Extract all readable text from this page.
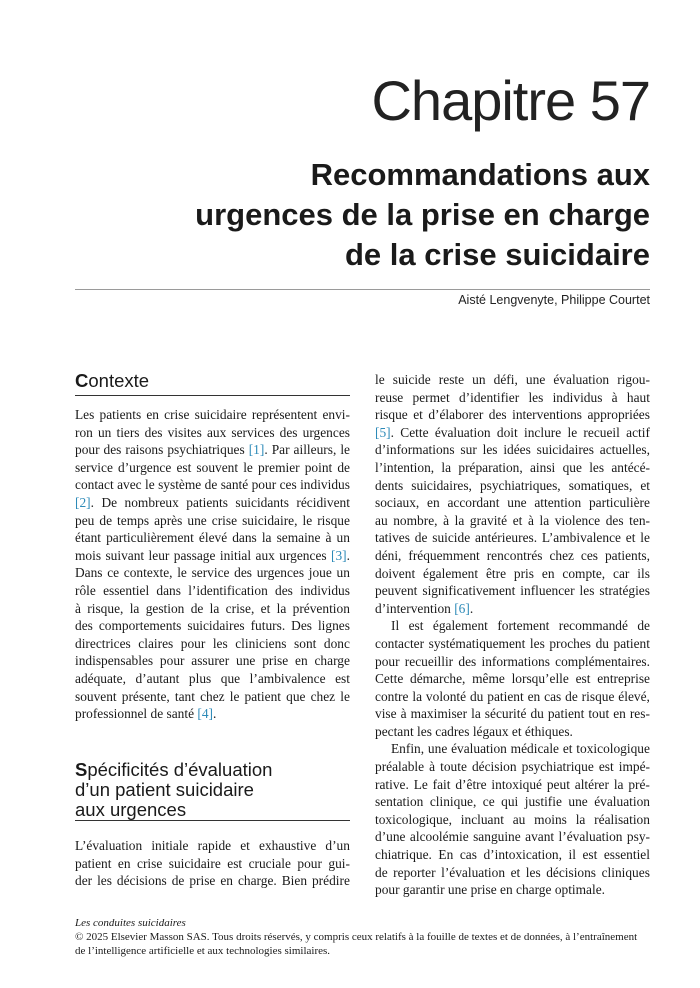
Chapitre 57
Recommandations aux
urgences de la prise en charge
de la crise suicidaire
Aisté Lengvenyte, Philippe Courtet
Contexte
Les patients en crise suicidaire représentent envi-
ron un tiers des visites aux services des urgences
pour des raisons psychiatriques [1]. Par ailleurs, le
service d’urgence est souvent le premier point de
contact avec le système de santé pour ces individus
[2]. De nombreux patients suicidants récidivent
peu de temps après une crise suicidaire, le risque
étant particulièrement élevé dans la semaine à un
mois suivant leur passage initial aux urgences [3].
Dans ce contexte, le service des urgences joue un
rôle essentiel dans l’identification des individus
à risque, la gestion de la crise, et la prévention
des comportements suicidaires futurs. Des lignes
directrices claires pour les cliniciens sont donc
indispensables pour assurer une prise en charge
adéquate, d’autant plus que l’ambivalence est
souvent présente, tant chez le patient que chez le
professionnel de santé [4].
Spécificités d’évaluation
d’un patient suicidaire
aux urgences
L’évaluation initiale rapide et exhaustive d’un
patient en crise suicidaire est cruciale pour gui-
der les décisions de prise en charge. Bien prédire
le suicide reste un défi, une évaluation rigou-
reuse permet d’identifier les individus à haut
risque et d’élaborer des interventions appropriées
[5]. Cette évaluation doit inclure le recueil actif
d’informations sur les idées suicidaires actuelles,
l’intention, la préparation, ainsi que les antécé-
dents suicidaires, psychiatriques, somatiques, et
sociaux, en accordant une attention particulière
au nombre, à la gravité et à la violence des ten-
tatives de suicide antérieures. L’ambivalence et le
déni, fréquemment rencontrés chez ces patients,
doivent également être pris en compte, car ils
peuvent significativement influencer les stratégies
d’intervention [6].
Il est également fortement recommandé de
contacter systématiquement les proches du patient
pour recueillir des informations complémentaires.
Cette démarche, même lorsqu’elle est entreprise
contre la volonté du patient en cas de risque élevé,
vise à maximiser la sécurité du patient tout en res-
pectant les cadres légaux et éthiques.
Enfin, une évaluation médicale et toxicologique
préalable à toute décision psychiatrique est impé-
rative. Le fait d’être intoxiqué peut altérer la pré-
sentation clinique, ce qui justifie une évaluation
toxicologique, incluant au moins la réalisation
d’une alcoolémie sanguine avant l’évaluation psy-
chiatrique. En cas d’intoxication, il est essentiel
de reporter l’évaluation et les décisions cliniques
pour garantir une prise en charge optimale.
Les conduites suicidaires
© 2025 Elsevier Masson SAS. Tous droits réservés, y compris ceux relatifs à la fouille de textes et de données, à l’entraînement de l’intelligence artificielle et aux technologies similaires.
